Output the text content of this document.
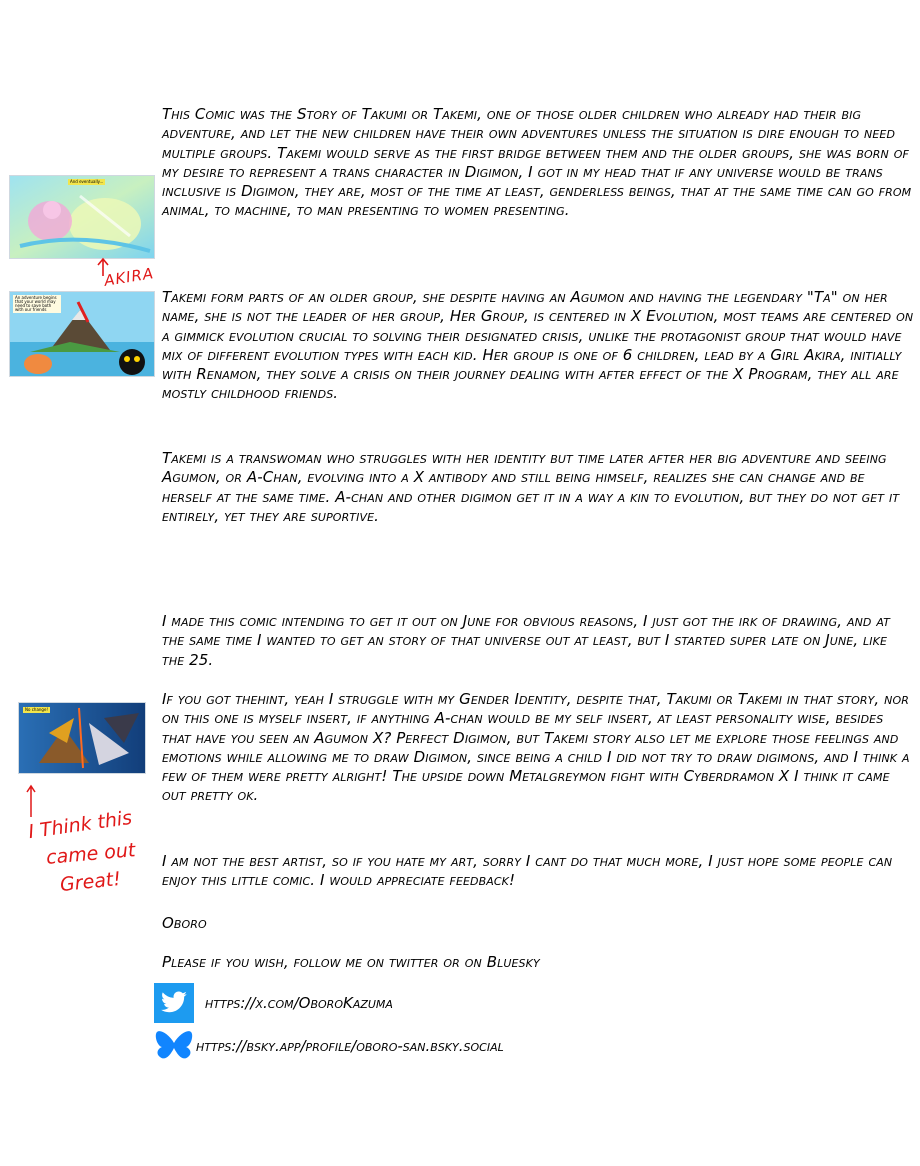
This Comic was the Story of Takumi or Takemi, one of those older children who already had their big adventure, and let the new children have their own adventures unless the situation is dire enough to need multiple groups. Takemi would serve as the first bridge between them and the older groups, she was born of my desire to represent a trans character in Digimon, I got in my head that if any universe would be trans inclusive is Digimon, they are, most of the time at least, genderless beings, that at the same time can go from animal, to machine, to man presenting to women presenting.

Takemi form parts of an older group, she despite having an Agumon and having the legendary "Ta" on her name, she is not the leader of her group, Her Group, is centered in X Evolution, most teams are centered on a gimmick evolution crucial to solving their designated crisis, unlike the protagonist group that would have mix of different evolution types with each kid. Her group is one of 6 children, lead by a Girl Akira, initially with Renamon, they solve a crisis on their journey dealing with after effect of the X Program, they all are mostly childhood friends.

Takemi is a transwoman who struggles with her identity but time later after her big adventure and seeing Agumon, or A-Chan, evolving into a X antibody and still being himself, realizes she can change and be herself at the same time. A-chan and other digimon get it in a way a kin to evolution, but they do not get it entirely, yet they are suportive.

I made this comic intending to get it out on June for obvious reasons, I just got the irk of drawing, and at the same time I wanted to get an story of that universe out at least, but I started super late on June, like the 25.

If you got thehint, yeah I struggle with my Gender Identity, despite that, Takumi or Takemi in that story, nor on this one is myself insert, if anything A-chan would be my self insert, at least personality wise, besides that have you seen an Agumon X? Perfect Digimon, but Takemi story also let me explore those feelings and emotions while allowing me to draw Digimon, since being a child I did not try to draw digimons, and I think a few of them were pretty alright! The upside down Metalgreymon fight with Cyberdramon X I think it came out pretty ok.

I am not the best artist, so if you hate my art, sorry I cant do that much more, I just hope some people can enjoy this little comic. I would appreciate feedback!

Oboro

Please if you wish, follow me on twitter or on Bluesky

And eventually...
AKIRA
An adventure begins that your world may need to save both with our friends
No change!
I Think this
came out
Great!
https://x.com/OboroKazuma
https://bsky.app/profile/oboro-san.bsky.social
